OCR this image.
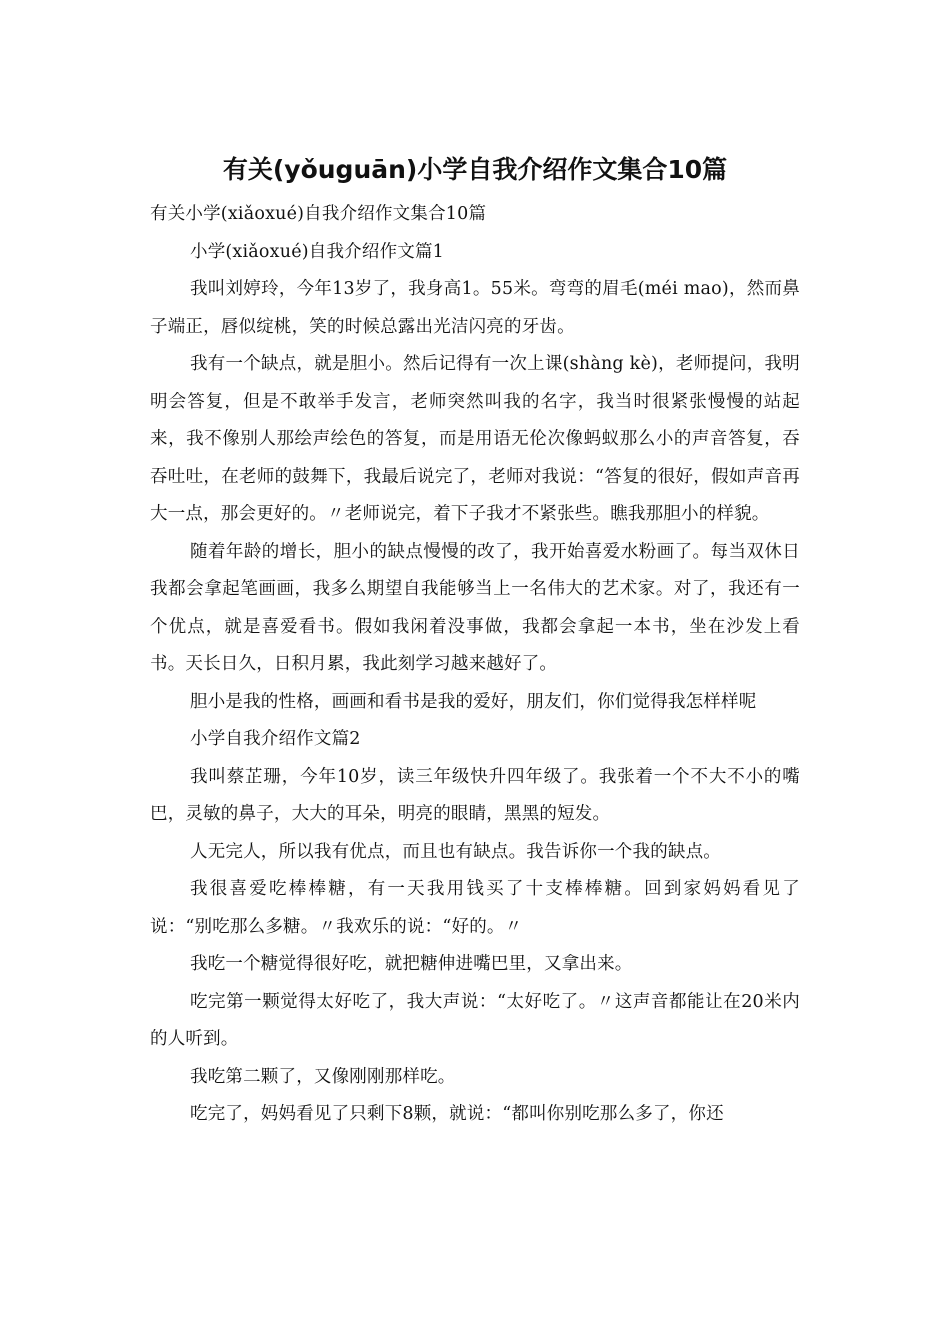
有关(yǒuguān)小学自我介绍作文集合10篇

有关小学(xiǎoxué)自我介绍作文集合10篇

小学(xiǎoxué)自我介绍作文篇1

我叫刘婷玲，今年13岁了，我身高1。55米。弯弯的眉毛(méi mao)，然而鼻子端正，唇似绽桃，笑的时候总露出光洁闪亮的牙齿。

我有一个缺点，就是胆小。然后记得有一次上课(shàng kè)，老师提问，我明明会答复，但是不敢举手发言，老师突然叫我的名字，我当时很紧张慢慢的站起来，我不像别人那绘声绘色的答复，而是用语无伦次像蚂蚁那么小的声音答复，吞吞吐吐，在老师的鼓舞下，我最后说完了，老师对我说：“答复的很好，假如声音再大一点，那会更好的。〃老师说完，着下子我才不紧张些。瞧我那胆小的样貌。

随着年龄的增长，胆小的缺点慢慢的改了，我开始喜爱水粉画了。每当双休日我都会拿起笔画画，我多么期望自我能够当上一名伟大的艺术家。对了，我还有一个优点，就是喜爱看书。假如我闲着没事做，我都会拿起一本书，坐在沙发上看书。天长日久，日积月累，我此刻学习越来越好了。

胆小是我的性格，画画和看书是我的爱好，朋友们，你们觉得我怎样样呢

小学自我介绍作文篇2

我叫蔡芷珊，今年10岁，读三年级快升四年级了。我张着一个不大不小的嘴巴，灵敏的鼻子，大大的耳朵，明亮的眼睛，黑黑的短发。

人无完人，所以我有优点，而且也有缺点。我告诉你一个我的缺点。

我很喜爱吃棒棒糖，有一天我用钱买了十支棒棒糖。回到家妈妈看见了说：“别吃那么多糖。〃我欢乐的说：“好的。〃

我吃一个糖觉得很好吃，就把糖伸进嘴巴里，又拿出来。

吃完第一颗觉得太好吃了，我大声说：“太好吃了。〃这声音都能让在20米内的人听到。

我吃第二颗了，又像刚刚那样吃。

吃完了，妈妈看见了只剩下8颗，就说：“都叫你别吃那么多了，你还
